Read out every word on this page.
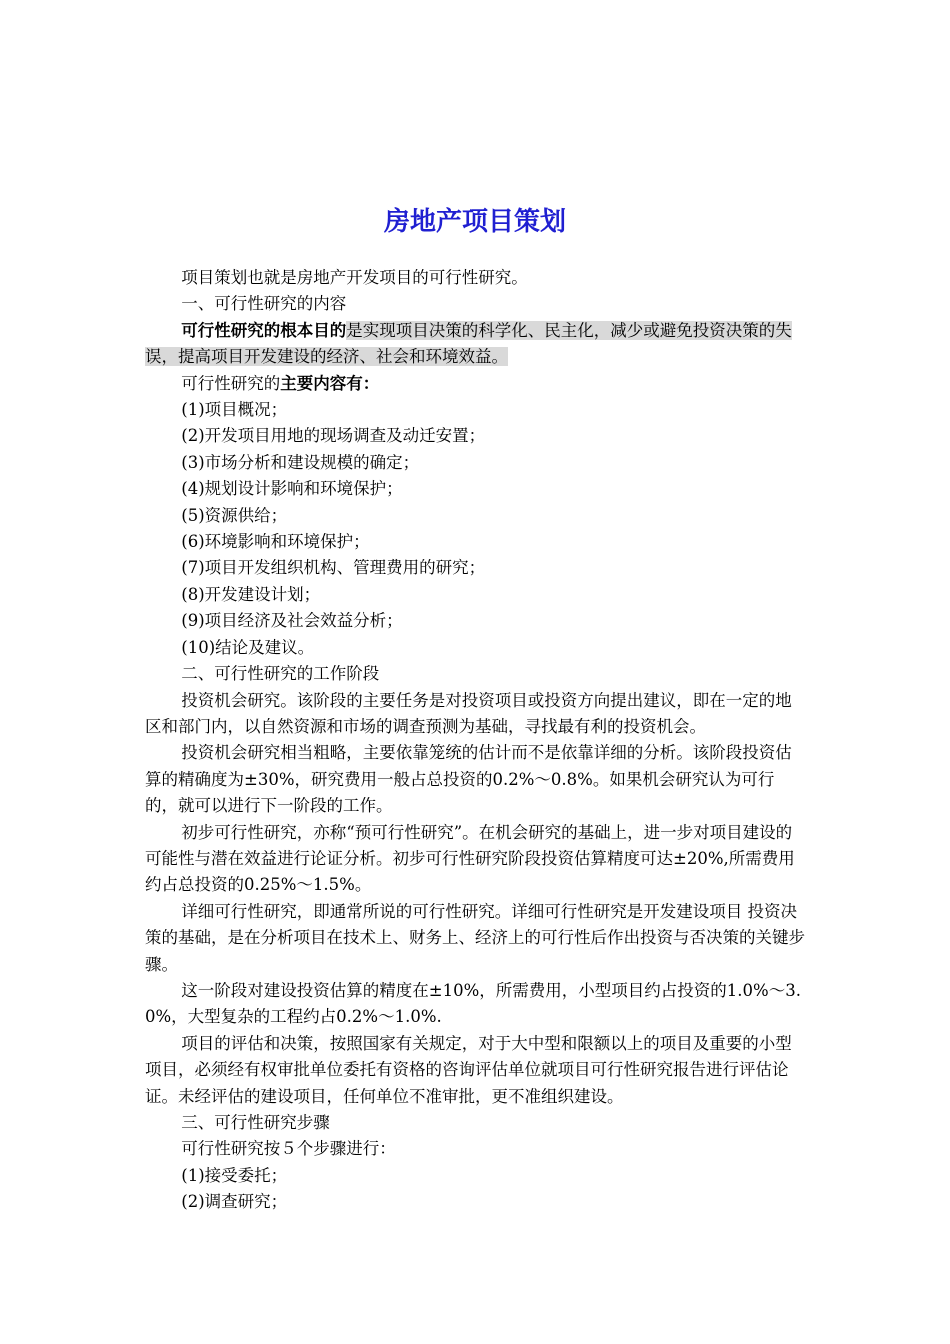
房地产项目策划

项目策划也就是房地产开发项目的可行性研究。

一、可行性研究的内容

可行性研究的根本目的是实现项目决策的科学化、民主化，减少或避免投资决策的失误，提高项目开发建设的经济、社会和环境效益。

可行性研究的主要内容有：

(1)项目概况；

(2)开发项目用地的现场调查及动迁安置；

(3)市场分析和建设规模的确定；

(4)规划设计影响和环境保护；

(5)资源供给；

(6)环境影响和环境保护；

(7)项目开发组织机构、管理费用的研究；

(8)开发建设计划；

(9)项目经济及社会效益分析；

(10)结论及建议。

二、可行性研究的工作阶段

投资机会研究。该阶段的主要任务是对投资项目或投资方向提出建议，即在一定的地区和部门内，以自然资源和市场的调查预测为基础，寻找最有利的投资机会。

投资机会研究相当粗略，主要依靠笼统的估计而不是依靠详细的分析。该阶段投资估算的精确度为±30%，研究费用一般占总投资的0.2%～0.8%。如果机会研究认为可行的，就可以进行下一阶段的工作。

初步可行性研究，亦称“预可行性研究”。在机会研究的基础上，进一步对项目建设的可能性与潜在效益进行论证分析。初步可行性研究阶段投资估算精度可达±20%,所需费用约占总投资的0.25%～1.5%。

详细可行性研究，即通常所说的可行性研究。详细可行性研究是开发建设项目 投资决策的基础，是在分析项目在技术上、财务上、经济上的可行性后作出投资与否决策的关键步骤。

这一阶段对建设投资估算的精度在±10%，所需费用，小型项目约占投资的1.0%～3.0%，大型复杂的工程约占0.2%～1.0%.

项目的评估和决策，按照国家有关规定，对于大中型和限额以上的项目及重要的小型项目，必须经有权审批单位委托有资格的咨询评估单位就项目可行性研究报告进行评估论证。未经评估的建设项目，任何单位不准审批，更不准组织建设。

三、可行性研究步骤

可行性研究按５个步骤进行：

(1)接受委托；

(2)调查研究；
